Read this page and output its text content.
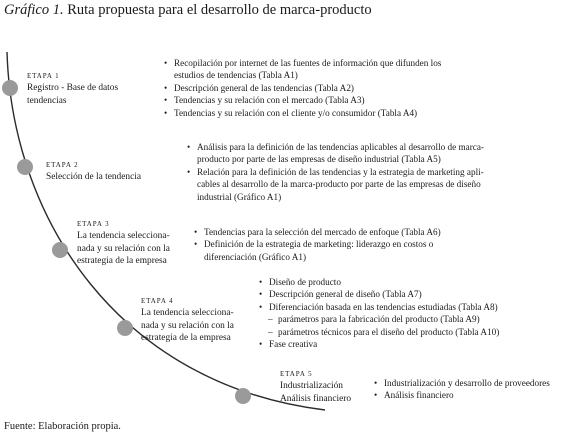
Gráfico 1. Ruta propuesta para el desarrollo de marca-producto
ETAPA 1
Registro - Base de datos
tendencias
• Recopilación por internet de las fuentes de información que difunden los
estudios de tendencias (Tabla A1)
• Descripción general de las tendencias (Tabla A2)
• Tendencias y su relación con el mercado (Tabla A3)
• Tendencias y su relación con el cliente y/o consumidor (Tabla A4)
ETAPA 2
Selección de la tendencia
• Análisis para la definición de las tendencias aplicables al desarrollo de marca-
producto por parte de las empresas de diseño industrial (Tabla A5)
• Relación para la definición de las tendencias y la estrategia de marketing apli-
cables al desarrollo de la marca-producto por parte de las empresas de diseño
industrial (Gráfico A1)
ETAPA 3
La tendencia selecciona-
nada y su relación con la
estrategia de la empresa
• Tendencias para la selección del mercado de enfoque (Tabla A6)
• Definición de la estrategia de marketing: liderazgo en costos o
diferenciación (Gráfico A1)
ETAPA 4
La tendencia selecciona-
nada y su relación con la
estrategia de la empresa
• Diseño de producto
• Descripción general de diseño (Tabla A7)
• Diferenciación basada en las tendencias estudiadas (Tabla A8)
– parámetros para la fabricación del producto (Tabla A9)
– parámetros técnicos para el diseño del producto (Tabla A10)
• Fase creativa
ETAPA 5
Industrialización
Análisis financiero
• Industrialización y desarrollo de proveedores
• Análisis financiero
Fuente: Elaboración propia.
